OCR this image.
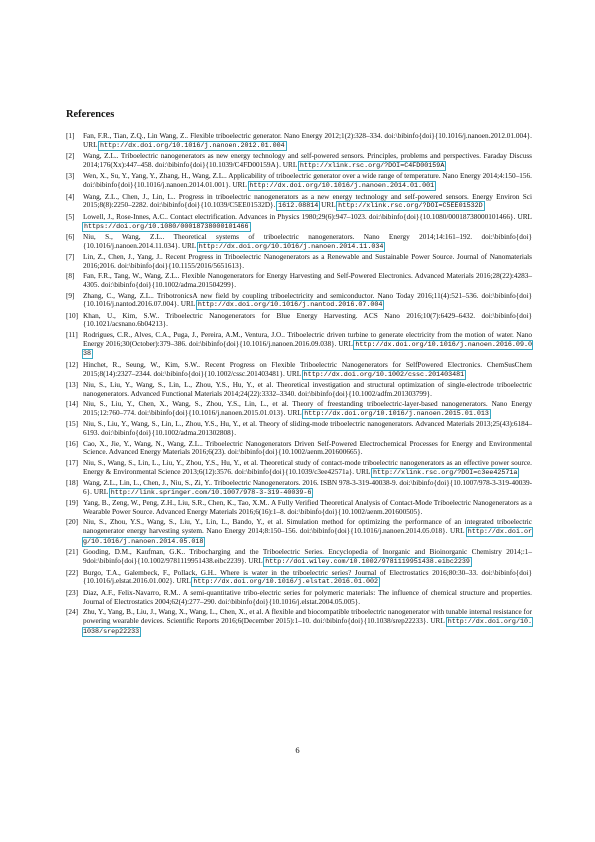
References
[1]	Fan, F.R., Tian, Z.Q., Lin Wang, Z.. Flexible triboelectric generator. Nano Energy 2012;1(2):328–334. doi:\bibinfo{doi}{10.1016/j.nanoen.2012.01.004}. URL http://dx.doi.org/10.1016/j.nanoen.2012.01.004
[2]	Wang, Z.L.. Triboelectric nanogenerators as new energy technology and self-powered sensors. Principles, problems and perspectives. Faraday Discuss 2014;176(Xx):447–458. doi:\bibinfo{doi}{10.1039/C4FD00159A}. URL http://xlink.rsc.org/?DOI=C4FD00159A
[3]	Wen, X., Su, Y., Yang, Y., Zhang, H., Wang, Z.L.. Applicability of triboelectric generator over a wide range of temperature. Nano Energy 2014;4:150–156. doi:\bibinfo{doi}{10.1016/j.nanoen.2014.01.001}. URL http://dx.doi.org/10.1016/j.nanoen.2014.01.001
[4]	Wang, Z.L., Chen, J., Lin, L.. Progress in triboelectric nanogenerators as a new energy technology and self-powered sensors. Energy Environ Sci 2015;8(8):2250–2282. doi:\bibinfo{doi}{10.1039/C5EE01532D}. 1612.08814 URL http://xlink.rsc.org/?DOI=C5EE01532D
[5]	Lowell, J., Rose-Innes, A.C.. Contact electrification. Advances in Physics 1980;29(6):947–1023. doi:\bibinfo{doi}{10.1080/00018738000101466}. URL https://doi.org/10.1080/00018738000101466
[6]	Niu, S., Wang, Z.L.. Theoretical systems of triboelectric nanogenerators. Nano Energy 2014;14:161–192. doi:\bibinfo{doi}{10.1016/j.nanoen.2014.11.034}. URL http://dx.doi.org/10.1016/j.nanoen.2014.11.034
[7]	Lin, Z., Chen, J., Yang, J.. Recent Progress in Triboelectric Nanogenerators as a Renewable and Sustainable Power Source. Journal of Nanomaterials 2016;2016. doi:\bibinfo{doi}{10.1155/2016/5651613}.
[8]	Fan, F.R., Tang, W., Wang, Z.L.. Flexible Nanogenerators for Energy Harvesting and Self-Powered Electronics. Advanced Materials 2016;28(22):4283–4305. doi:\bibinfo{doi}{10.1002/adma.201504299}.
[9]	Zhang, C., Wang, Z.L.. TribotronicsA new field by coupling triboelectricity and semiconductor. Nano Today 2016;11(4):521–536. doi:\bibinfo{doi}{10.1016/j.nantod.2016.07.004}. URL http://dx.doi.org/10.1016/j.nantod.2016.07.004
[10] Khan, U., Kim, S.W.. Triboelectric Nanogenerators for Blue Energy Harvesting. ACS Nano 2016;10(7):6429–6432. doi:\bibinfo{doi}{10.1021/acsnano.6b04213}.
[11] Rodrigues, C.R., Alves, C.A., Puga, J., Pereira, A.M., Ventura, J.O.. Triboelectric driven turbine to generate electricity from the motion of water. Nano Energy 2016;30(October):379–386. doi:\bibinfo{doi}{10.1016/j.nanoen.2016.09.038}. URL http://dx.doi.org/10.1016/j.nanoen.2016.09.038
[12] Hinchet, R., Seung, W., Kim, S.W.. Recent Progress on Flexible Triboelectric Nanogenerators for SelfPowered Electronics. ChemSusChem 2015;8(14):2327–2344. doi:\bibinfo{doi}{10.1002/cssc.201403481}. URL http://dx.doi.org/10.1002/cssc.201403481
[13] Niu, S., Liu, Y., Wang, S., Lin, L., Zhou, Y.S., Hu, Y., et al. Theoretical investigation and structural optimization of single-electrode triboelectric nanogenerators. Advanced Functional Materials 2014;24(22):3332–3340. doi:\bibinfo{doi}{10.1002/adfm.201303799}.
[14] Niu, S., Liu, Y., Chen, X., Wang, S., Zhou, Y.S., Lin, L., et al. Theory of freestanding triboelectric-layer-based nanogenerators. Nano Energy 2015;12:760–774. doi:\bibinfo{doi}{10.1016/j.nanoen.2015.01.013}. URL http://dx.doi.org/10.1016/j.nanoen.2015.01.013
[15] Niu, S., Liu, Y., Wang, S., Lin, L., Zhou, Y.S., Hu, Y., et al. Theory of sliding-mode triboelectric nanogenerators. Advanced Materials 2013;25(43):6184–6193. doi:\bibinfo{doi}{10.1002/adma.201302808}.
[16] Cao, X., Jie, Y., Wang, N., Wang, Z.L.. Triboelectric Nanogenerators Driven Self-Powered Electrochemical Processes for Energy and Environmental Science. Advanced Energy Materials 2016;6(23). doi:\bibinfo{doi}{10.1002/aenm.201600665}.
[17] Niu, S., Wang, S., Lin, L., Liu, Y., Zhou, Y.S., Hu, Y., et al. Theoretical study of contact-mode triboelectric nanogenerators as an effective power source. Energy & Environmental Science 2013;6(12):3576. doi:\bibinfo{doi}{10.1039/c3ee42571a}. URL http://xlink.rsc.org/?DOI=c3ee42571a
[18] Wang, Z.L., Lin, L., Chen, J., Niu, S., Zi, Y.. Triboelectric Nanogenerators. 2016. ISBN 978-3-319-40038-9. doi:\bibinfo{doi}{10.1007/978-3-319-40039-6}. URL http://link.springer.com/10.1007/978-3-319-40039-6
[19] Yang, B., Zeng, W., Peng, Z.H., Liu, S.R., Chen, K., Tao, X.M.. A Fully Verified Theoretical Analysis of Contact-Mode Triboelectric Nanogenerators as a Wearable Power Source. Advanced Energy Materials 2016;6(16):1–8. doi:\bibinfo{doi}{10.1002/aenm.201600505}.
[20] Niu, S., Zhou, Y.S., Wang, S., Liu, Y., Lin, L., Bando, Y., et al. Simulation method for optimizing the performance of an integrated triboelectric nanogenerator energy harvesting system. Nano Energy 2014;8:150–156. doi:\bibinfo{doi}{10.1016/j.nanoen.2014.05.018}. URL http://dx.doi.org/10.1016/j.nanoen.2014.05.018
[21] Gooding, D.M., Kaufman, G.K.. Tribocharging and the Triboelectric Series. Encyclopedia of Inorganic and Bioinorganic Chemistry 2014;:1–9doi:\bibinfo{doi}{10.1002/9781119951438.eibc2239}. URL http://doi.wiley.com/10.1002/9781119951438.eibc2239
[22] Burgo, T.A., Galembeck, F., Pollack, G.H.. Where is water in the triboelectric series? Journal of Electrostatics 2016;80:30–33. doi:\bibinfo{doi}{10.1016/j.elstat.2016.01.002}. URL http://dx.doi.org/10.1016/j.elstat.2016.01.002
[23] Diaz, A.F., Felix-Navarro, R.M.. A semi-quantitative tribo-electric series for polymeric materials: The influence of chemical structure and properties. Journal of Electrostatics 2004;62(4):277–290. doi:\bibinfo{doi}{10.1016/j.elstat.2004.05.005}.
[24] Zhu, Y., Yang, B., Liu, J., Wang, X., Wang, L., Chen, X., et al. A flexible and biocompatible triboelectric nanogenerator with tunable internal resistance for powering wearable devices. Scientific Reports 2016;6(December 2015):1–10. doi:\bibinfo{doi}{10.1038/srep22233}. URL http://dx.doi.org/10.1038/srep22233
6
